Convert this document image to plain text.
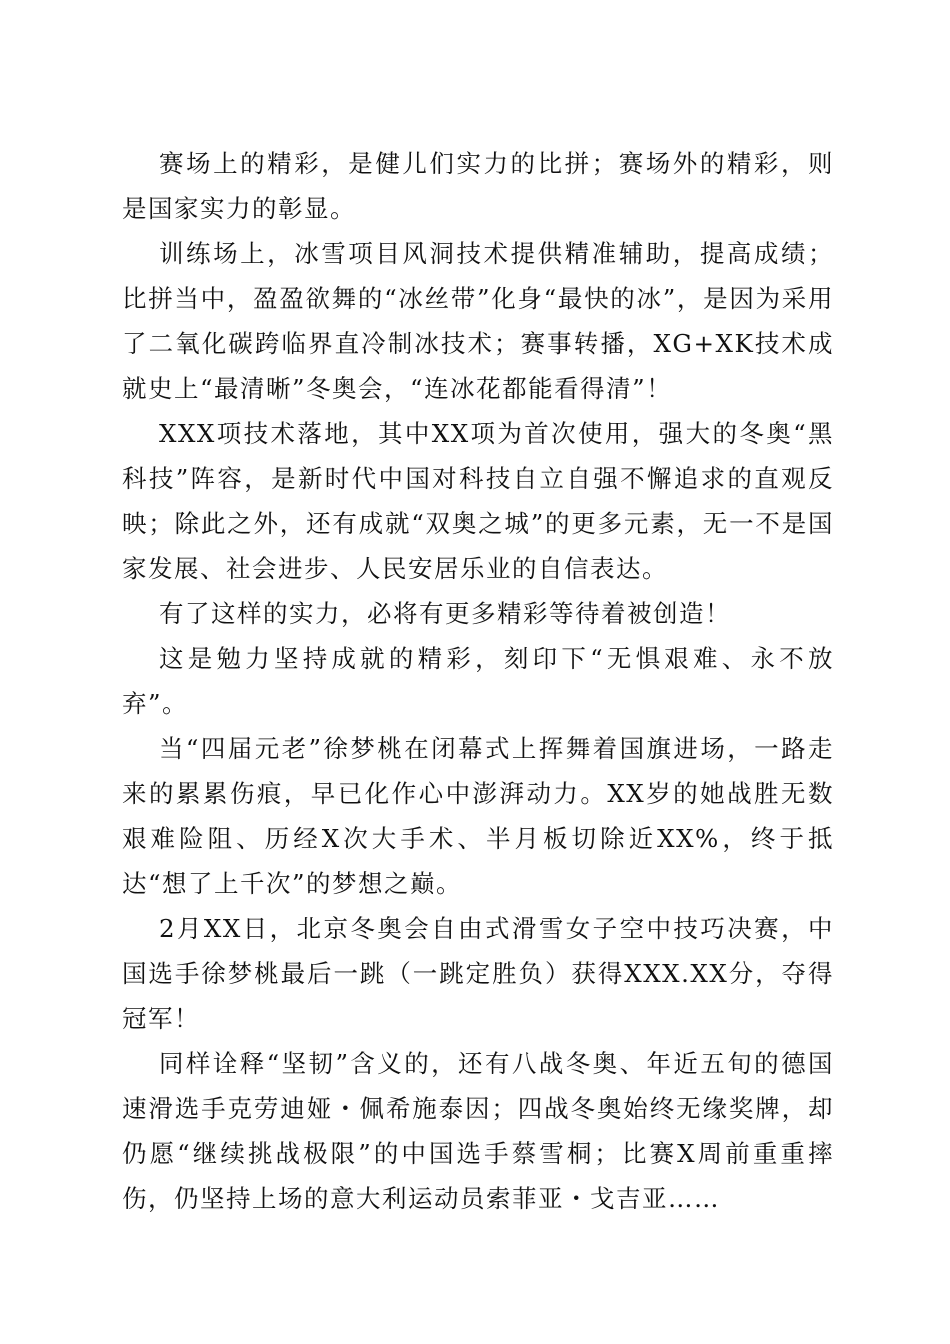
赛场上的精彩，是健儿们实力的比拼；赛场外的精彩，则是国家实力的彰显。

训练场上，冰雪项目风洞技术提供精准辅助，提高成绩；比拼当中，盈盈欲舞的“冰丝带”化身“最快的冰”，是因为采用了二氧化碳跨临界直冷制冰技术；赛事转播，XG+XK技术成就史上“最清晰”冬奥会，“连冰花都能看得清”！

XXX项技术落地，其中XX项为首次使用，强大的冬奥“黑科技”阵容，是新时代中国对科技自立自强不懈追求的直观反映；除此之外，还有成就“双奥之城”的更多元素，无一不是国家发展、社会进步、人民安居乐业的自信表达。

有了这样的实力，必将有更多精彩等待着被创造！

这是勉力坚持成就的精彩，刻印下“无惧艰难、永不放弃”。

当“四届元老”徐梦桃在闭幕式上挥舞着国旗进场，一路走来的累累伤痕，早已化作心中澎湃动力。XX岁的她战胜无数艰难险阻、历经X次大手术、半月板切除近XX%，终于抵达“想了上千次”的梦想之巅。

2月XX日，北京冬奥会自由式滑雪女子空中技巧决赛，中国选手徐梦桃最后一跳（一跳定胜负）获得XXX.XX分，夺得冠军！

同样诠释“坚韧”含义的，还有八战冬奥、年近五旬的德国速滑选手克劳迪娅・佩希施泰因；四战冬奥始终无缘奖牌，却仍愿“继续挑战极限”的中国选手蔡雪桐；比赛X周前重重摔伤，仍坚持上场的意大利运动员索菲亚・戈吉亚……
